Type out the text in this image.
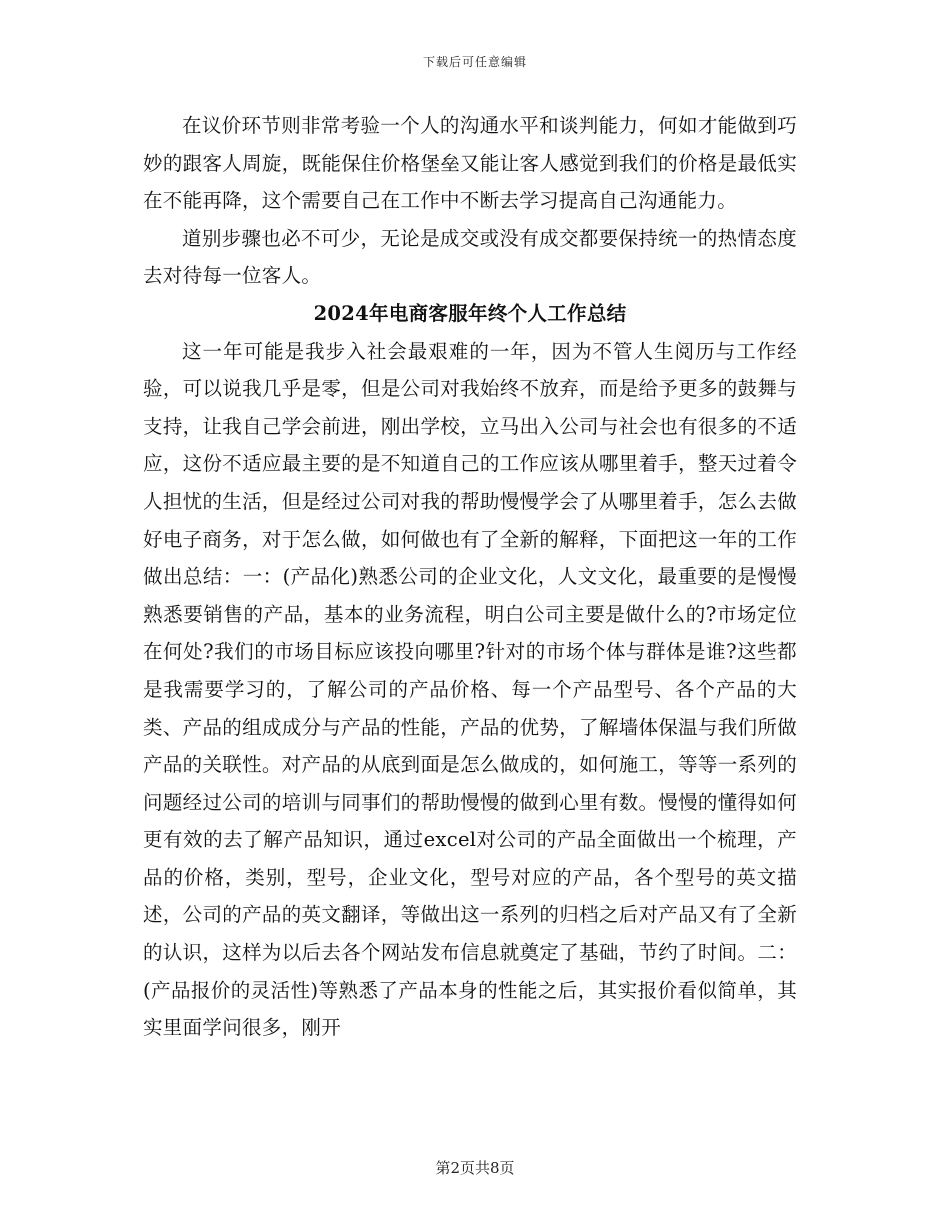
下载后可任意编辑

在议价环节则非常考验一个人的沟通水平和谈判能力，何如才能做到巧妙的跟客人周旋，既能保住价格堡垒又能让客人感觉到我们的价格是最低实在不能再降，这个需要自己在工作中不断去学习提高自己沟通能力。

道别步骤也必不可少，无论是成交或没有成交都要保持统一的热情态度去对待每一位客人。

2024年电商客服年终个人工作总结

这一年可能是我步入社会最艰难的一年，因为不管人生阅历与工作经验，可以说我几乎是零，但是公司对我始终不放弃，而是给予更多的鼓舞与支持，让我自己学会前进，刚出学校，立马出入公司与社会也有很多的不适应，这份不适应最主要的是不知道自己的工作应该从哪里着手，整天过着令人担忧的生活，但是经过公司对我的帮助慢慢学会了从哪里着手，怎么去做好电子商务，对于怎么做，如何做也有了全新的解释，下面把这一年的工作做出总结：一：(产品化)熟悉公司的企业文化，人文文化，最重要的是慢慢熟悉要销售的产品，基本的业务流程，明白公司主要是做什么的?市场定位在何处?我们的市场目标应该投向哪里?针对的市场个体与群体是谁?这些都是我需要学习的，了解公司的产品价格、每一个产品型号、各个产品的大类、产品的组成成分与产品的性能，产品的优势，了解墙体保温与我们所做产品的关联性。对产品的从底到面是怎么做成的，如何施工，等等一系列的问题经过公司的培训与同事们的帮助慢慢的做到心里有数。慢慢的懂得如何更有效的去了解产品知识，通过excel对公司的产品全面做出一个梳理，产品的价格，类别，型号，企业文化，型号对应的产品，各个型号的英文描述，公司的产品的英文翻译，等做出这一系列的归档之后对产品又有了全新的认识，这样为以后去各个网站发布信息就奠定了基础，节约了时间。二：(产品报价的灵活性)等熟悉了产品本身的性能之后，其实报价看似简单，其实里面学问很多，刚开

第2页共8页
